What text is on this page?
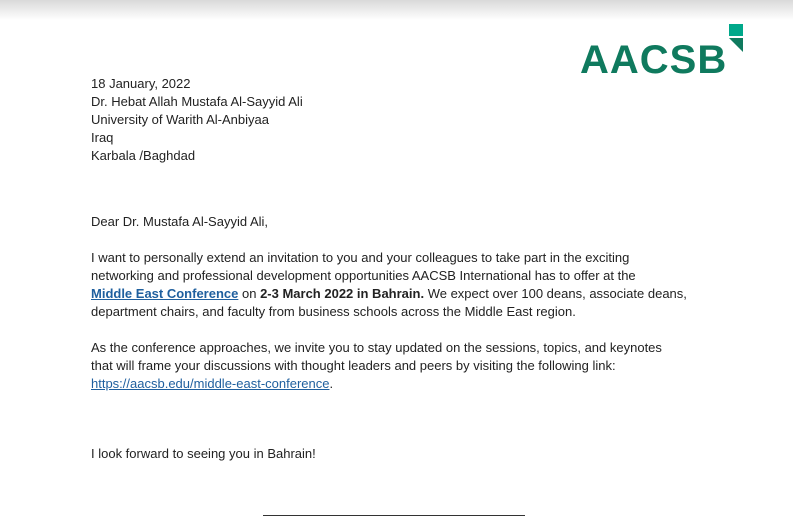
AACSB

18 January, 2022

Dr. Hebat Allah Mustafa Al-Sayyid Ali

University of Warith Al-Anbiyaa

Iraq

Karbala /Baghdad

Dear Dr. Mustafa Al-Sayyid Ali,

I want to personally extend an invitation to you and your colleagues to take part in the exciting

networking and professional development opportunities AACSB International has to offer at the

Middle East Conference on 2-3 March 2022 in Bahrain. We expect over 100 deans, associate deans,

department chairs, and faculty from business schools across the Middle East region.

As the conference approaches, we invite you to stay updated on the sessions, topics, and keynotes

that will frame your discussions with thought leaders and peers by visiting the following link:

https://aacsb.edu/middle-east-conference.

I look forward to seeing you in Bahrain!
